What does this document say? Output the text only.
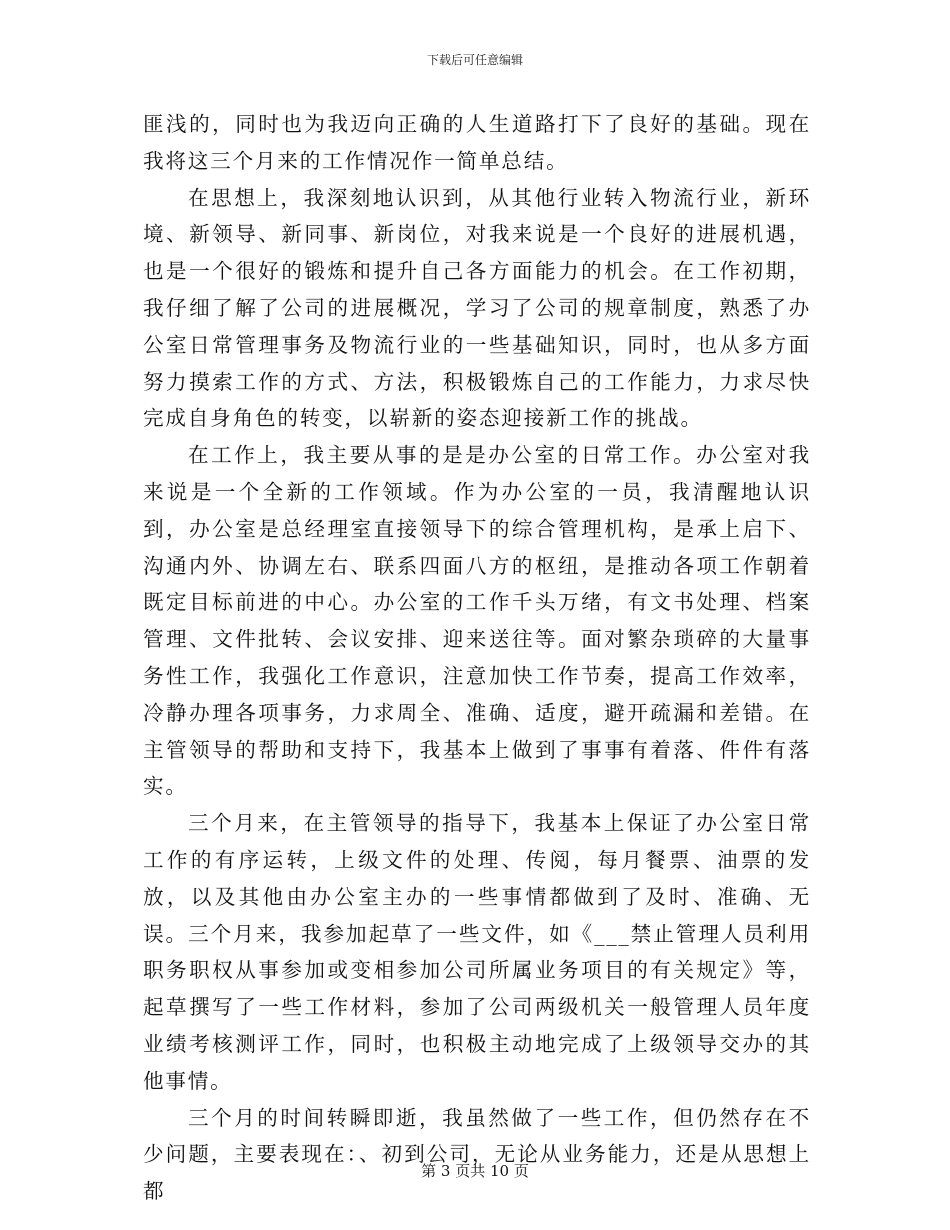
下载后可任意编辑

匪浅的，同时也为我迈向正确的人生道路打下了良好的基础。现在我将这三个月来的工作情况作一简单总结。

在思想上，我深刻地认识到，从其他行业转入物流行业，新环境、新领导、新同事、新岗位，对我来说是一个良好的进展机遇，也是一个很好的锻炼和提升自己各方面能力的机会。在工作初期，我仔细了解了公司的进展概况，学习了公司的规章制度，熟悉了办公室日常管理事务及物流行业的一些基础知识，同时，也从多方面努力摸索工作的方式、方法，积极锻炼自己的工作能力，力求尽快完成自身角色的转变，以崭新的姿态迎接新工作的挑战。

在工作上，我主要从事的是是办公室的日常工作。办公室对我来说是一个全新的工作领域。作为办公室的一员，我清醒地认识到，办公室是总经理室直接领导下的综合管理机构，是承上启下、沟通内外、协调左右、联系四面八方的枢纽，是推动各项工作朝着既定目标前进的中心。办公室的工作千头万绪，有文书处理、档案管理、文件批转、会议安排、迎来送往等。面对繁杂琐碎的大量事务性工作，我强化工作意识，注意加快工作节奏，提高工作效率，冷静办理各项事务，力求周全、准确、适度，避开疏漏和差错。在主管领导的帮助和支持下，我基本上做到了事事有着落、件件有落实。

三个月来，在主管领导的指导下，我基本上保证了办公室日常工作的有序运转，上级文件的处理、传阅，每月餐票、油票的发放，以及其他由办公室主办的一些事情都做到了及时、准确、无误。三个月来，我参加起草了一些文件，如《___禁止管理人员利用职务职权从事参加或变相参加公司所属业务项目的有关规定》等，起草撰写了一些工作材料，参加了公司两级机关一般管理人员年度业绩考核测评工作，同时，也积极主动地完成了上级领导交办的其他事情。

三个月的时间转瞬即逝，我虽然做了一些工作，但仍然存在不少问题，主要表现在：、初到公司，无论从业务能力，还是从思想上都

第 3 页共 10 页
